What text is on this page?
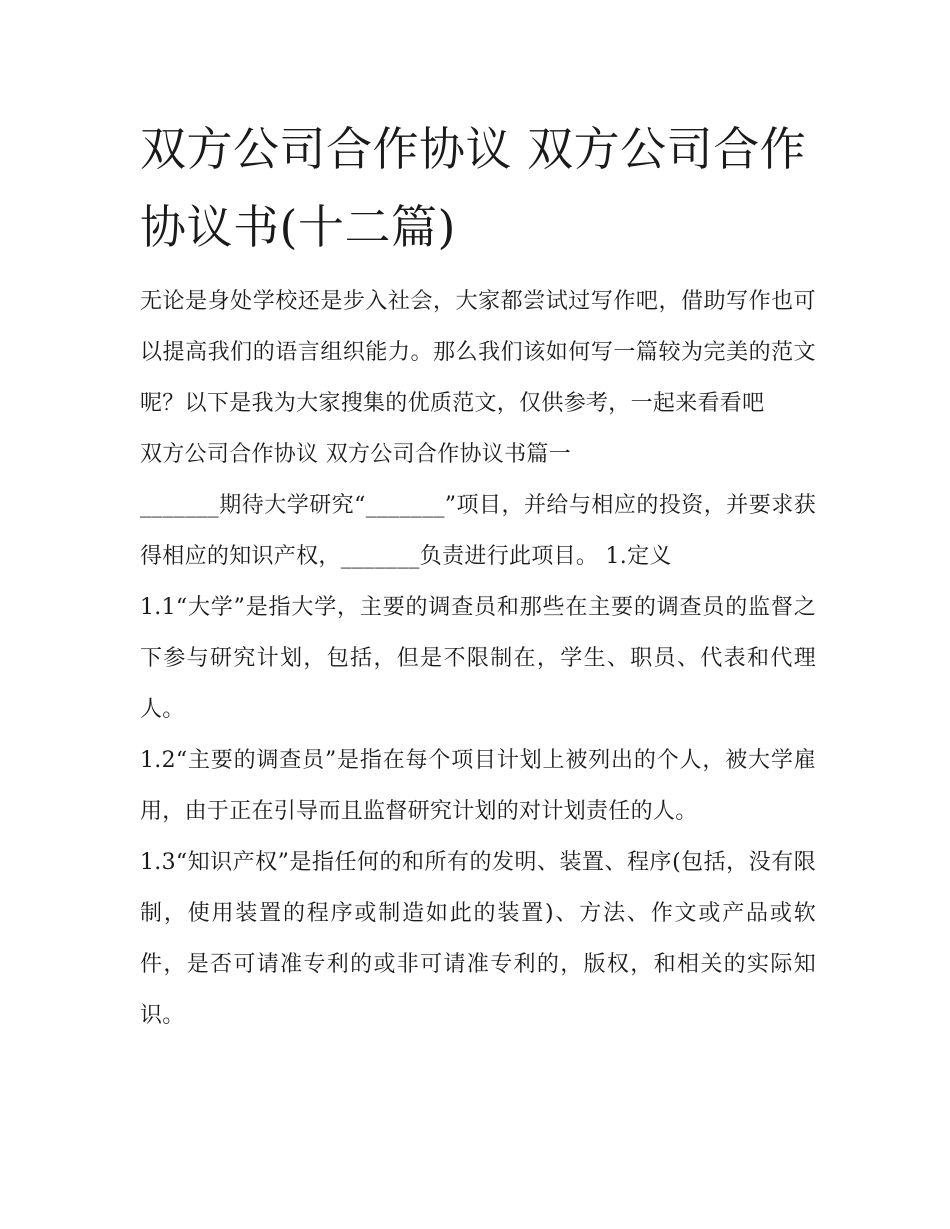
双方公司合作协议 双方公司合作协议书(十二篇)

无论是身处学校还是步入社会，大家都尝试过写作吧，借助写作也可以提高我们的语言组织能力。那么我们该如何写一篇较为完美的范文呢？以下是我为大家搜集的优质范文，仅供参考，一起来看看吧

双方公司合作协议 双方公司合作协议书篇一

_______期待大学研究“_______”项目，并给与相应的投资，并要求获得相应的知识产权，_______负责进行此项目。 1.定义

1.1“大学”是指大学，主要的调查员和那些在主要的调查员的监督之下参与研究计划，包括，但是不限制在，学生、职员、代表和代理人。

1.2“主要的调查员”是指在每个项目计划上被列出的个人，被大学雇用，由于正在引导而且监督研究计划的对计划责任的人。

1.3“知识产权”是指任何的和所有的发明、装置、程序(包括，没有限制，使用装置的程序或制造如此的装置)、方法、作文或产品或软件，是否可请准专利的或非可请准专利的，版权，和相关的实际知识。
